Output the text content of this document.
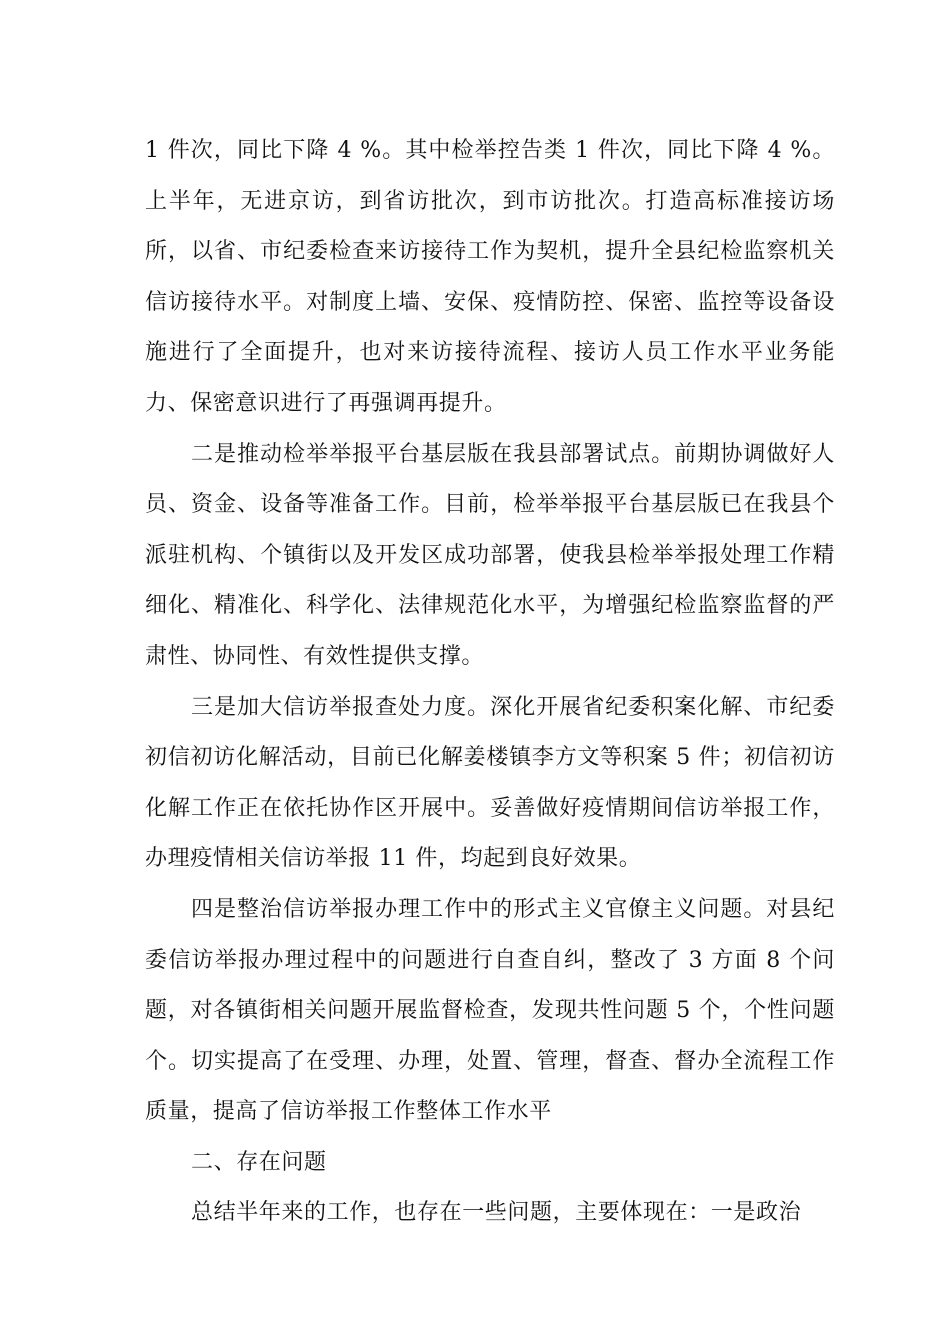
1 件次，同比下降 4 %。其中检举控告类 1 件次，同比下降 4 %。上半年，无进京访，到省访批次，到市访批次。打造高标准接访场所，以省、市纪委检查来访接待工作为契机，提升全县纪检监察机关信访接待水平。对制度上墙、安保、疫情防控、保密、监控等设备设施进行了全面提升，也对来访接待流程、接访人员工作水平业务能力、保密意识进行了再强调再提升。

二是推动检举举报平台基层版在我县部署试点。前期协调做好人员、资金、设备等准备工作。目前，检举举报平台基层版已在我县个派驻机构、个镇街以及开发区成功部署，使我县检举举报处理工作精细化、精准化、科学化、法律规范化水平，为增强纪检监察监督的严肃性、协同性、有效性提供支撑。

三是加大信访举报查处力度。深化开展省纪委积案化解、市纪委初信初访化解活动，目前已化解姜楼镇李方文等积案 5 件；初信初访化解工作正在依托协作区开展中。妥善做好疫情期间信访举报工作，办理疫情相关信访举报 11 件，均起到良好效果。

四是整治信访举报办理工作中的形式主义官僚主义问题。对县纪委信访举报办理过程中的问题进行自查自纠，整改了 3 方面 8 个问题，对各镇街相关问题开展监督检查，发现共性问题 5 个，个性问题个。切实提高了在受理、办理，处置、管理，督查、督办全流程工作质量，提高了信访举报工作整体工作水平

二、存在问题

总结半年来的工作，也存在一些问题，主要体现在：一是政治
